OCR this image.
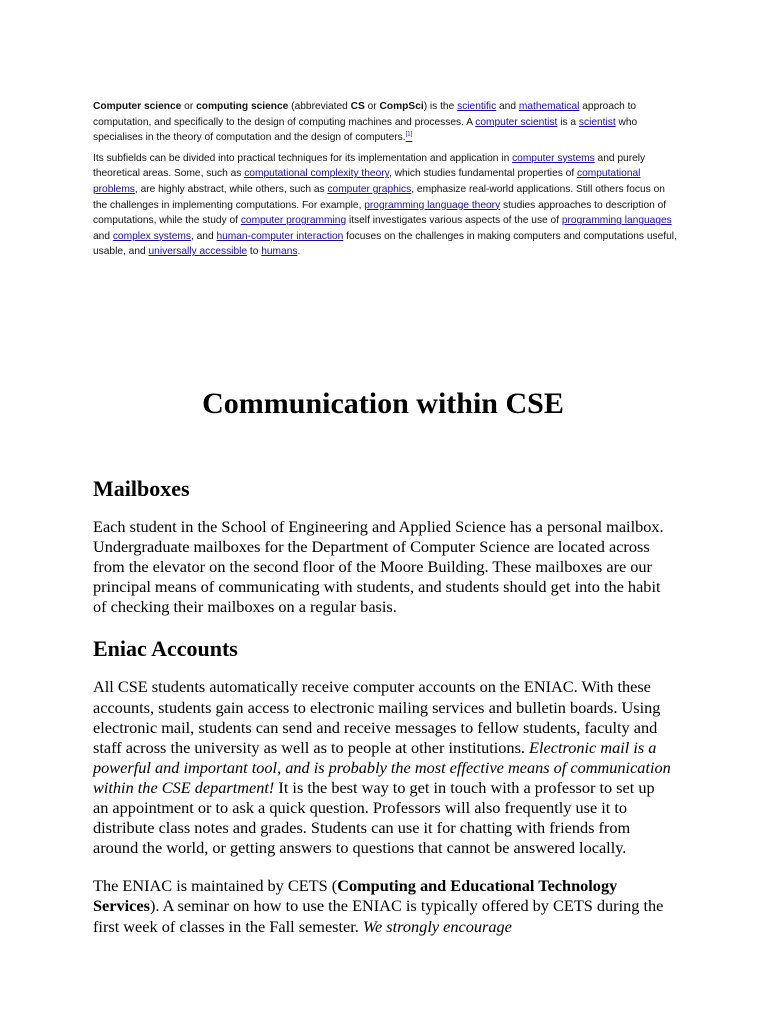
Computer science or computing science (abbreviated CS or CompSci) is the scientific and mathematical approach to computation, and specifically to the design of computing machines and processes. A computer scientist is a scientist who specialises in the theory of computation and the design of computers.[1]

Its subfields can be divided into practical techniques for its implementation and application in computer systems and purely theoretical areas. Some, such as computational complexity theory, which studies fundamental properties of computational problems, are highly abstract, while others, such as computer graphics, emphasize real-world applications. Still others focus on the challenges in implementing computations. For example, programming language theory studies approaches to description of computations, while the study of computer programming itself investigates various aspects of the use of programming languages and complex systems, and human-computer interaction focuses on the challenges in making computers and computations useful, usable, and universally accessible to humans.

Communication within CSE
Mailboxes

Each student in the School of Engineering and Applied Science has a personal mailbox. Undergraduate mailboxes for the Department of Computer Science are located across from the elevator on the second floor of the Moore Building. These mailboxes are our principal means of communicating with students, and students should get into the habit of checking their mailboxes on a regular basis.

Eniac Accounts

All CSE students automatically receive computer accounts on the ENIAC. With these accounts, students gain access to electronic mailing services and bulletin boards. Using electronic mail, students can send and receive messages to fellow students, faculty and staff across the university as well as to people at other institutions. Electronic mail is a powerful and important tool, and is probably the most effective means of communication within the CSE department! It is the best way to get in touch with a professor to set up an appointment or to ask a quick question. Professors will also frequently use it to distribute class notes and grades. Students can use it for chatting with friends from around the world, or getting answers to questions that cannot be answered locally.

The ENIAC is maintained by CETS (Computing and Educational Technology Services). A seminar on how to use the ENIAC is typically offered by CETS during the first week of classes in the Fall semester. We strongly encourage
